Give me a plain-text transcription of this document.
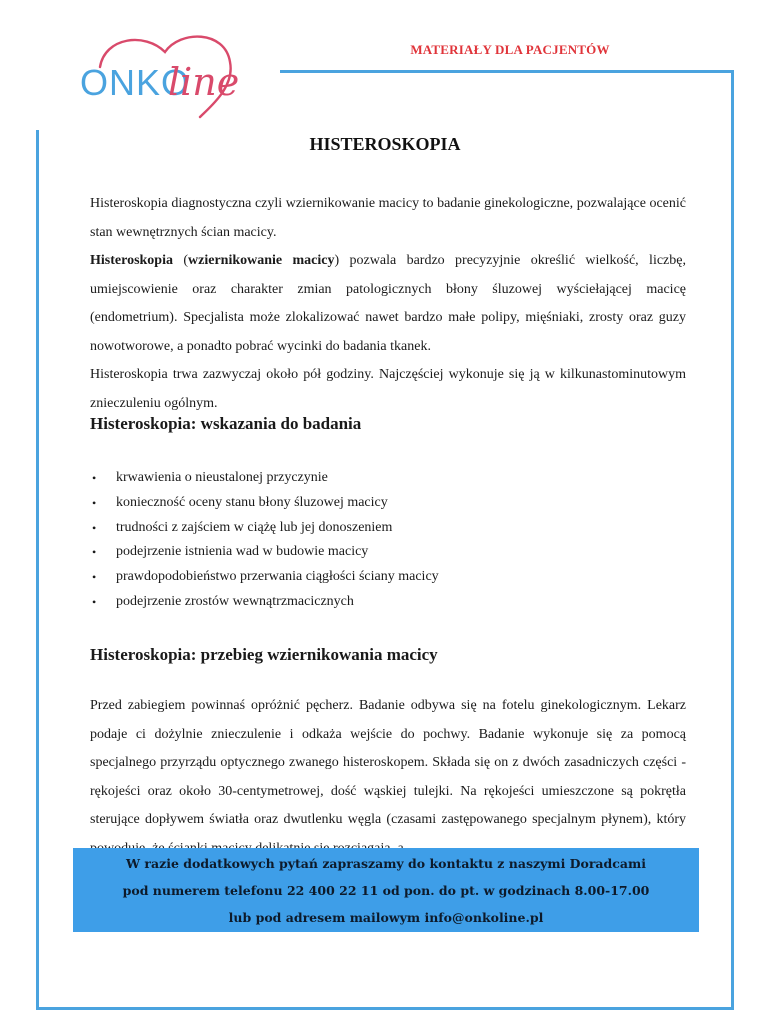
ONKO
line
MATERIAŁY DLA PACJENTÓW
HISTEROSKOPIA

Histeroskopia diagnostyczna czyli wziernikowanie macicy to badanie ginekologiczne, pozwalające ocenić stan wewnętrznych ścian macicy.

Histeroskopia (wziernikowanie macicy) pozwala bardzo precyzyjnie określić wielkość, liczbę, umiejscowienie oraz charakter zmian patologicznych błony śluzowej wyściełającej macicę (endometrium). Specjalista może zlokalizować nawet bardzo małe polipy, mięśniaki, zrosty oraz guzy nowotworowe, a ponadto pobrać wycinki do badania tkanek.

Histeroskopia trwa zazwyczaj około pół godziny. Najczęściej wykonuje się ją w kilkunastominutowym znieczuleniu ogólnym.

Histeroskopia: wskazania do badania
• krwawienia o nieustalonej przyczynie
• konieczność oceny stanu błony śluzowej macicy
• trudności z zajściem w ciążę lub jej donoszeniem
• podejrzenie istnienia wad w budowie macicy
• prawdopodobieństwo przerwania ciągłości ściany macicy
• podejrzenie zrostów wewnątrzmacicznych
Histeroskopia: przebieg wziernikowania macicy

Przed zabiegiem powinnaś opróżnić pęcherz. Badanie odbywa się na fotelu ginekologicznym. Lekarz podaje ci dożylnie znieczulenie i odkaża wejście do pochwy. Badanie wykonuje się za pomocą specjalnego przyrządu optycznego zwanego histeroskopem. Składa się on z dwóch zasadniczych części - rękojeści oraz około 30-centymetrowej, dość wąskiej tulejki. Na rękojeści umieszczone są pokrętła sterujące dopływem światła oraz dwutlenku węgla (czasami zastępowanego specjalnym płynem), który

W razie dodatkowych pytań zapraszamy do kontaktu z naszymi Doradcami
pod numerem telefonu 22 400 22 11 od pon. do pt. w godzinach 8.00-17.00
lub pod adresem mailowym info@onkoline.pl
